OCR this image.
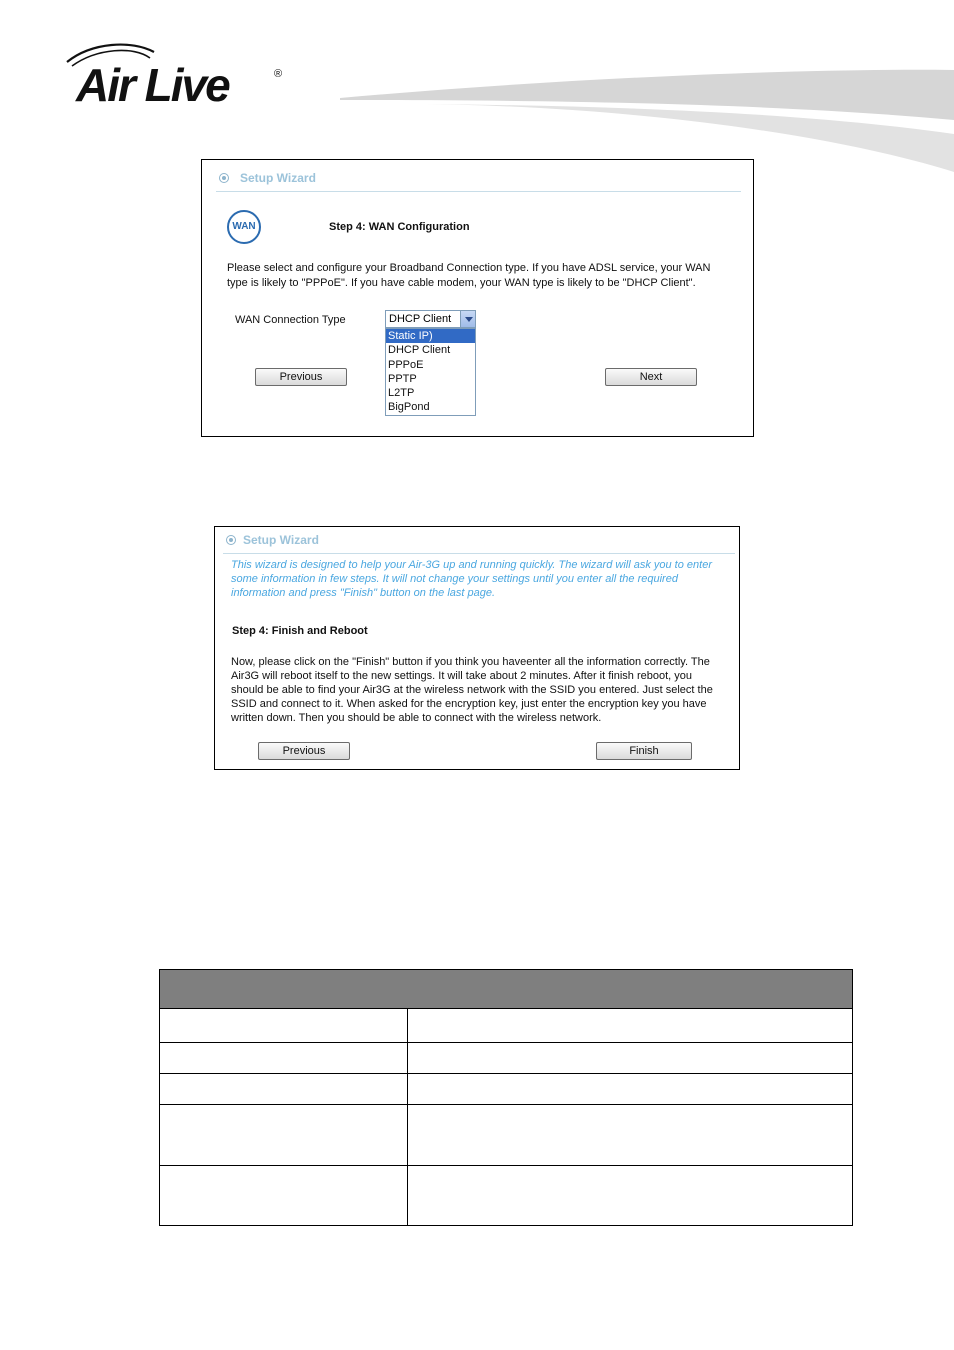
Air Live	®
Setup Wizard
WAN	Step 4: WAN Configuration
Please select and configure your Broadband Connection type. If you have ADSL service, your WAN
type is likely to "PPPoE". If you have cable modem, your WAN type is likely to be "DHCP Client".
WAN Connection Type	DHCP Client
Static IP)
DHCP Client
PPPoE
PPTP
L2TP
BigPond
Previous	Next
Setup Wizard
This wizard is designed to help your Air-3G up and running quickly. The wizard will ask you to enter
some information in few steps. It will not change your settings until you enter all the required
information and press "Finish" button on the last page.
Step 4: Finish and Reboot
Now, please click on the "Finish" button if you think you haveenter all the information correctly. The
Air3G will reboot itself to the new settings. It will take about 2 minutes. After it finish reboot, you
should be able to find your Air3G at the wireless network with the SSID you entered. Just select the
SSID and connect to it. When asked for the encryption key, just enter the encryption key you have
written down. Then you should be able to connect with the wireless network.
Previous	Finish
